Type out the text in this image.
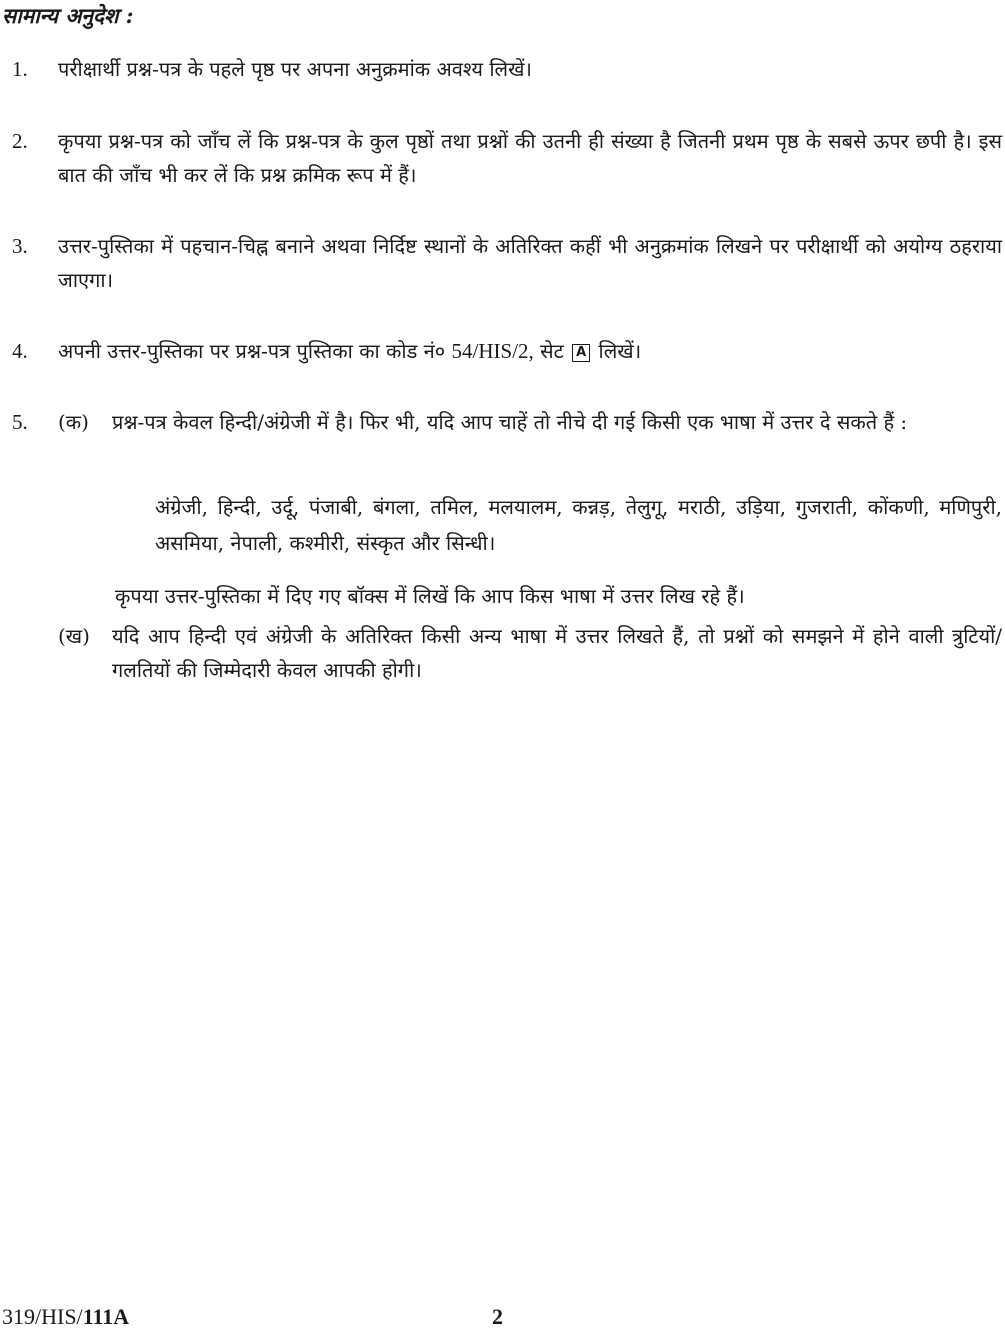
सामान्य अनुदेश :
1. परीक्षार्थी प्रश्न-पत्र के पहले पृष्ठ पर अपना अनुक्रमांक अवश्य लिखें।
2. कृपया प्रश्न-पत्र को जाँच लें कि प्रश्न-पत्र के कुल पृष्ठों तथा प्रश्नों की उतनी ही संख्या है जितनी प्रथम पृष्ठ के सबसे ऊपर छपी है। इस बात की जाँच भी कर लें कि प्रश्न क्रमिक रूप में हैं।
3. उत्तर-पुस्तिका में पहचान-चिह्न बनाने अथवा निर्दिष्ट स्थानों के अतिरिक्त कहीं भी अनुक्रमांक लिखने पर परीक्षार्थी को अयोग्य ठहराया जाएगा।
4. अपनी उत्तर-पुस्तिका पर प्रश्न-पत्र पुस्तिका का कोड नं० 54/HIS/2, सेट A लिखें।
5. (क) प्रश्न-पत्र केवल हिन्दी/अंग्रेजी में है। फिर भी, यदि आप चाहें तो नीचे दी गई किसी एक भाषा में उत्तर दे सकते हैं :
अंग्रेजी, हिन्दी, उर्दू, पंजाबी, बंगला, तमिल, मलयालम, कन्नड़, तेलुगू, मराठी, उड़िया, गुजराती, कोंकणी, मणिपुरी, असमिया, नेपाली, कश्मीरी, संस्कृत और सिन्धी।
कृपया उत्तर-पुस्तिका में दिए गए बॉक्स में लिखें कि आप किस भाषा में उत्तर लिख रहे हैं।
(ख) यदि आप हिन्दी एवं अंग्रेजी के अतिरिक्त किसी अन्य भाषा में उत्तर लिखते हैं, तो प्रश्नों को समझने में होने वाली त्रुटियों/गलतियों की जिम्मेदारी केवल आपकी होगी।
319/HIS/111A	2
